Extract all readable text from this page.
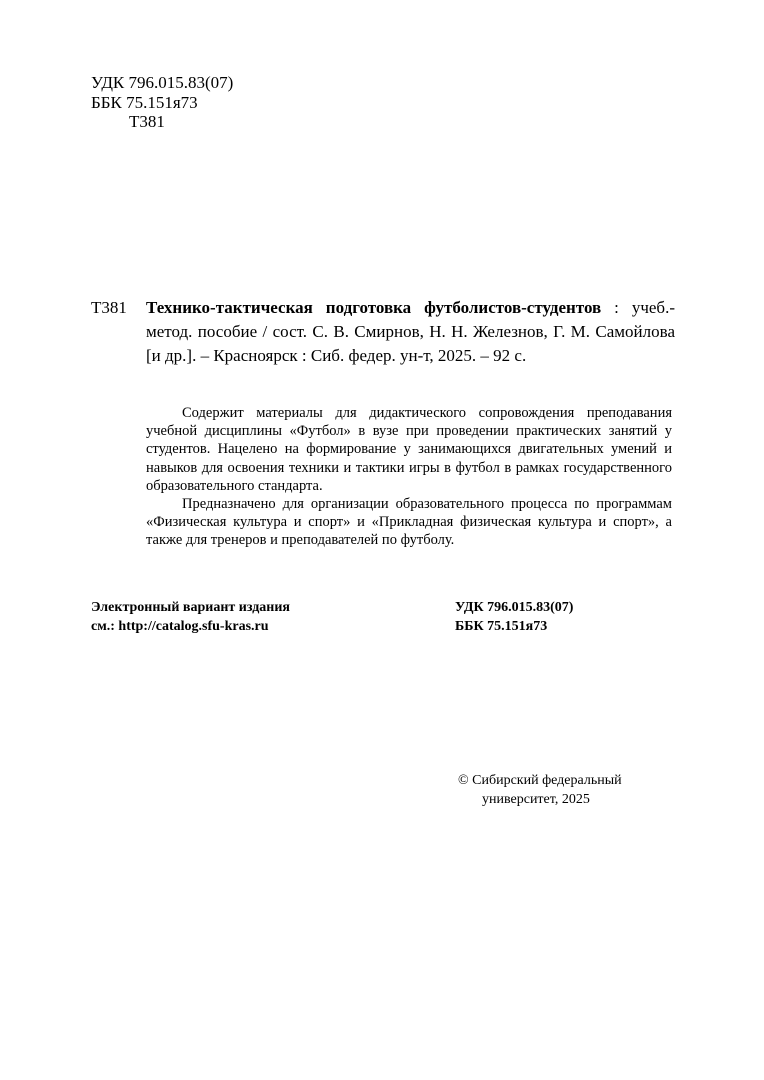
УДК 796.015.83(07)
ББК 75.151я73
Т381
Т381 Технико-тактическая подготовка футболистов-студентов : учеб.-метод. пособие / сост. С. В. Смирнов, Н. Н. Железнов, Г. М. Самойлова [и др.]. – Красноярск : Сиб. федер. ун-т, 2025. – 92 с.

Содержит материалы для дидактического сопровождения преподавания учебной дисциплины «Футбол» в вузе при проведении практических занятий у студентов. Нацелено на формирование у занимающихся двигательных умений и навыков для освоения техники и тактики игры в футбол в рамках государственного образовательного стандарта.

Предназначено для организации образовательного процесса по программам «Физическая культура и спорт» и «Прикладная физическая культура и спорт», а также для тренеров и преподавателей по футболу.

Электронный вариант издания
см.: http://catalog.sfu-kras.ru
УДК 796.015.83(07)
ББК 75.151я73
© Сибирский федеральный
университет, 2025
